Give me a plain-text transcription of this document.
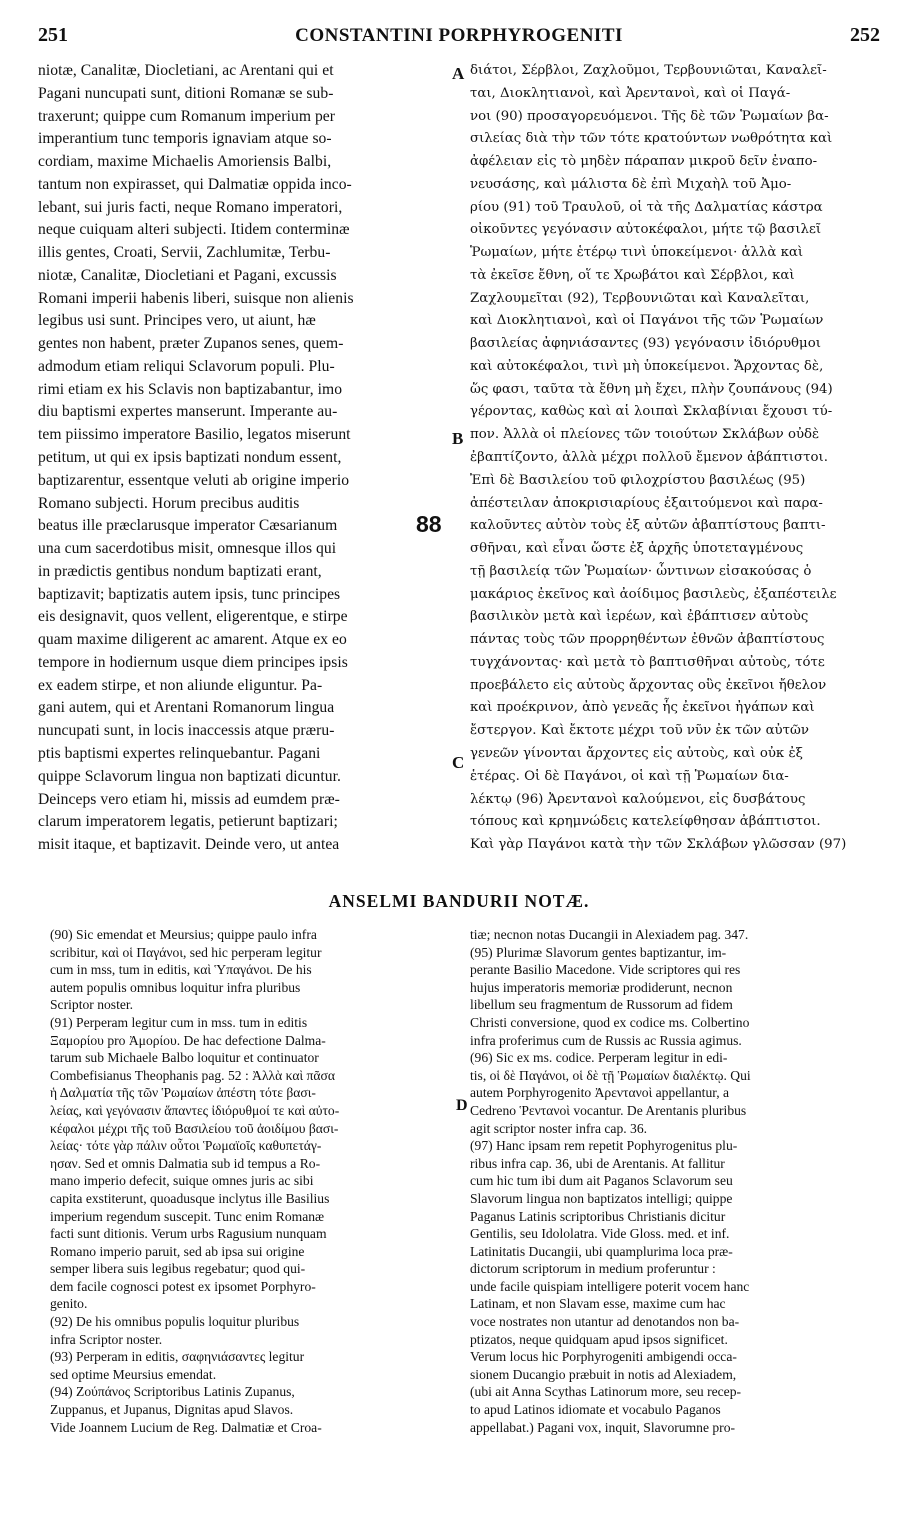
251	CONSTANTINI PORPHYROGENITI	252
niotæ, Canalitæ, Diocletiani, ac Arentani qui et
Pagani nuncupati sunt, ditioni Romanæ se sub-
traxerunt; quippe cum Romanum imperium per
imperantium tunc temporis ignaviam atque so-
cordiam, maxime Michaelis Amoriensis Balbi,
tantum non expirasset, qui Dalmatiæ oppida inco-
lebant, sui juris facti, neque Romano imperatori,
neque cuiquam alteri subjecti. Itidem conterminæ
illis gentes, Croati, Servii, Zachlumitæ, Terbu-
niotæ, Canalitæ, Diocletiani et Pagani, excussis
Romani imperii habenis liberi, suisque non alienis
legibus usi sunt. Principes vero, ut aiunt, hæ
gentes non habent, præter Zupanos senes, quem-
admodum etiam reliqui Sclavorum populi. Plu-
rimi etiam ex his Sclavis non baptizabantur, imo
diu baptismi expertes manserunt. Imperante au-
tem piissimo imperatore Basilio, legatos miserunt
petitum, ut qui ex ipsis baptizati nondum essent,
baptizarentur, essentque veluti ab origine imperio
Romano subjecti. Horum precibus auditis
beatus ille præclarusque imperator Cæsarianum
una cum sacerdotibus misit, omnesque illos qui
in prædictis gentibus nondum baptizati erant,
baptizavit; baptizatis autem ipsis, tunc principes
eis designavit, quos vellent, eligerentque, e stirpe
quam maxime diligerent ac amarent. Atque ex eo
tempore in hodiernum usque diem principes ipsis
ex eadem stirpe, et non aliunde eliguntur. Pa-
gani autem, qui et Arentani Romanorum lingua
nuncupati sunt, in locis inaccessis atque præru-
ptis baptismi expertes relinquebantur. Pagani
quippe Sclavorum lingua non baptizati dicuntur.
Deinceps vero etiam hi, missis ad eumdem præ-
clarum imperatorem legatis, petierunt baptizari;
misit itaque, et baptizavit. Deinde vero, ut antea
διάτοι, Σέρβλοι, Ζαχλοῦμοι, Τερβουνιῶται, Καναλεῖ-
ται, Διοκλητιανοὶ, καὶ Ἀρεντανοὶ, καὶ οἱ Παγά-
νοι (90) προσαγορευόμενοι. Τῆς δὲ τῶν Ῥωμαίων βα-
σιλείας διὰ τὴν τῶν τότε κρατούντων νωθρότητα καὶ
ἀφέλειαν εἰς τὸ μηδὲν πάραπαν μικροῦ δεῖν ἐναπο-
νευσάσης, καὶ μάλιστα δὲ ἐπὶ Μιχαὴλ τοῦ Ἀμο-
ρίου (91) τοῦ Τραυλοῦ, οἱ τὰ τῆς Δαλματίας κάστρα
οἰκοῦντες γεγόνασιν αὐτοκέφαλοι, μήτε τῷ βασιλεῖ
Ῥωμαίων, μήτε ἑτέρῳ τινὶ ὑποκείμενοι· ἀλλὰ καὶ
τὰ ἐκεῖσε ἔθνη, οἵ τε Χρωβάτοι καὶ Σέρβλοι, καὶ
Ζαχλουμεῖται (92), Τερβουνιῶται καὶ Καναλεῖται,
καὶ Διοκλητιανοὶ, καὶ οἱ Παγάνοι τῆς τῶν Ῥωμαίων
βασιλείας ἀφηνιάσαντες (93) γεγόνασιν ἰδιόρυθμοι
καὶ αὐτοκέφαλοι, τινὶ μὴ ὑποκείμενοι. Ἄρχοντας δὲ,
ὥς φασι, ταῦτα τὰ ἔθνη μὴ ἔχει, πλὴν ζουπάνους (94)
γέροντας, καθὼς καὶ αἱ λοιπαὶ Σκλαβίνιαι ἔχουσι τύ-
πον. Ἀλλὰ οἱ πλείονες τῶν τοιούτων Σκλάβων οὐδὲ
ἐβαπτίζοντο, ἀλλὰ μέχρι πολλοῦ ἔμενον ἀβάπτιστοι.
Ἐπὶ δὲ Βασιλείου τοῦ φιλοχρίστου βασιλέως (95)
ἀπέστειλαν ἀποκρισιαρίους ἐξαιτούμενοι καὶ παρα-
καλοῦντες αὐτὸν τοὺς ἐξ αὐτῶν ἀβαπτίστους βαπτι-
σθῆναι, καὶ εἶναι ὥστε ἐξ ἀρχῆς ὑποτεταγμένους
τῇ βασιλείᾳ τῶν Ῥωμαίων· ὧντινων εἰσακούσας ὁ
μακάριος ἐκεῖνος καὶ ἀοίδιμος βασιλεὺς, ἐξαπέστειλε
βασιλικὸν μετὰ καὶ ἱερέων, καὶ ἐβάπτισεν αὐτοὺς
πάντας τοὺς τῶν προρρηθέντων ἐθνῶν ἀβαπτίστους
τυγχάνοντας· καὶ μετὰ τὸ βαπτισθῆναι αὐτοὺς, τότε
προεβάλετο εἰς αὐτοὺς ἄρχοντας οὓς ἐκεῖνοι ἤθελον
καὶ προέκρινον, ἀπὸ γενεᾶς ἧς ἐκεῖνοι ἠγάπων καὶ
ἔστεργον. Καὶ ἔκτοτε μέχρι τοῦ νῦν ἐκ τῶν αὐτῶν
γενεῶν γίνονται ἄρχοντες εἰς αὐτοὺς, καὶ οὐκ ἐξ
ἑτέρας. Οἱ δὲ Παγάνοι, οἱ καὶ τῇ Ῥωμαίων δια-
λέκτῳ (96) Ἀρεντανοὶ καλούμενοι, εἰς δυσβάτους
τόπους καὶ κρημνώδεις κατελείφθησαν ἀβάπτιστοι.
Καὶ γὰρ Παγάνοι κατὰ τὴν τῶν Σκλάβων γλῶσσαν (97)
A
B
C
D
88
ANSELMI BANDURII NOTÆ.
(90) Sic emendat et Meursius; quippe paulo infra
scribitur, καὶ οἱ Παγάνοι, sed hic perperam legitur
cum in mss, tum in editis, καὶ Ὑπαγάνοι. De his
autem populis omnibus loquitur infra pluribus
Scriptor noster.
(91) Perperam legitur cum in mss. tum in editis
Ξαμορίου pro Ἀμορίου. De hac defectione Dalma-
tarum sub Michaele Balbo loquitur et continuator
Combefisianus Theophanis pag. 52 : Ἀλλὰ καὶ πᾶσα
ἡ Δαλματία τῆς τῶν Ῥωμαίων ἀπέστη τότε βασι-
λείας, καὶ γεγόνασιν ἅπαντες ἰδιόρυθμοί τε καὶ αὐτο-
κέφαλοι μέχρι τῆς τοῦ Βασιλείου τοῦ ἀοιδίμου βασι-
λείας· τότε γὰρ πάλιν οὗτοι Ῥωμαϊοῖς καθυπετάγ-
ησαν. Sed et omnis Dalmatia sub id tempus a Ro-
mano imperio defecit, suique omnes juris ac sibi
capita exstiterunt, quoadusque inclytus ille Basilius
imperium regendum suscepit. Tunc enim Romanæ
facti sunt ditionis. Verum urbs Ragusium nunquam
Romano imperio paruit, sed ab ipsa sui origine
semper libera suis legibus regebatur; quod qui-
dem facile cognosci potest ex ipsomet Porphyro-
genito.
(92) De his omnibus populis loquitur pluribus
infra Scriptor noster.
(93) Perperam in editis, σαφηνιάσαντες legitur
sed optime Meursius emendat.
(94) Ζούπάνος Scriptoribus Latinis Zupanus,
Zuppanus, et Jupanus, Dignitas apud Slavos.
Vide Joannem Lucium de Reg. Dalmatiæ et Croa-
tiæ; necnon notas Ducangii in Alexiadem pag. 347.
(95) Plurimæ Slavorum gentes baptizantur, im-
perante Basilio Macedone. Vide scriptores qui res
hujus imperatoris memoriæ prodiderunt, necnon
libellum seu fragmentum de Russorum ad fidem
Christi conversione, quod ex codice ms. Colbertino
infra proferimus cum de Russis ac Russia agimus.
(96) Sic ex ms. codice. Perperam legitur in edi-
tis, οἱ δὲ Παγάνοι, οἱ δὲ τῇ Ῥωμαίων διαλέκτῳ. Qui
autem Porphyrogenito Ἀρεντανοὶ appellantur, a
Cedreno Ῥεντανοὶ vocantur. De Arentanis pluribus
agit scriptor noster infra cap. 36.
(97) Hanc ipsam rem repetit Pophyrogenitus plu-
ribus infra cap. 36, ubi de Arentanis. At fallitur
cum hic tum ibi dum ait Paganos Sclavorum seu
Slavorum lingua non baptizatos intelligi; quippe
Paganus Latinis scriptoribus Christianis dicitur
Gentilis, seu Idololatra. Vide Gloss. med. et inf.
Latinitatis Ducangii, ubi quamplurima loca præ-
dictorum scriptorum in medium proferuntur :
unde facile quispiam intelligere poterit vocem hanc
Latinam, et non Slavam esse, maxime cum hac
voce nostrates non utantur ad denotandos non ba-
ptizatos, neque quidquam apud ipsos significet.
Verum locus hic Porphyrogeniti ambigendi occa-
sionem Ducangio præbuit in notis ad Alexiadem,
(ubi ait Anna Scythas Latinorum more, seu recep-
to apud Latinos idiomate et vocabulo Paganos
appellabat.) Pagani vox, inquit, Slavorumne pro-
